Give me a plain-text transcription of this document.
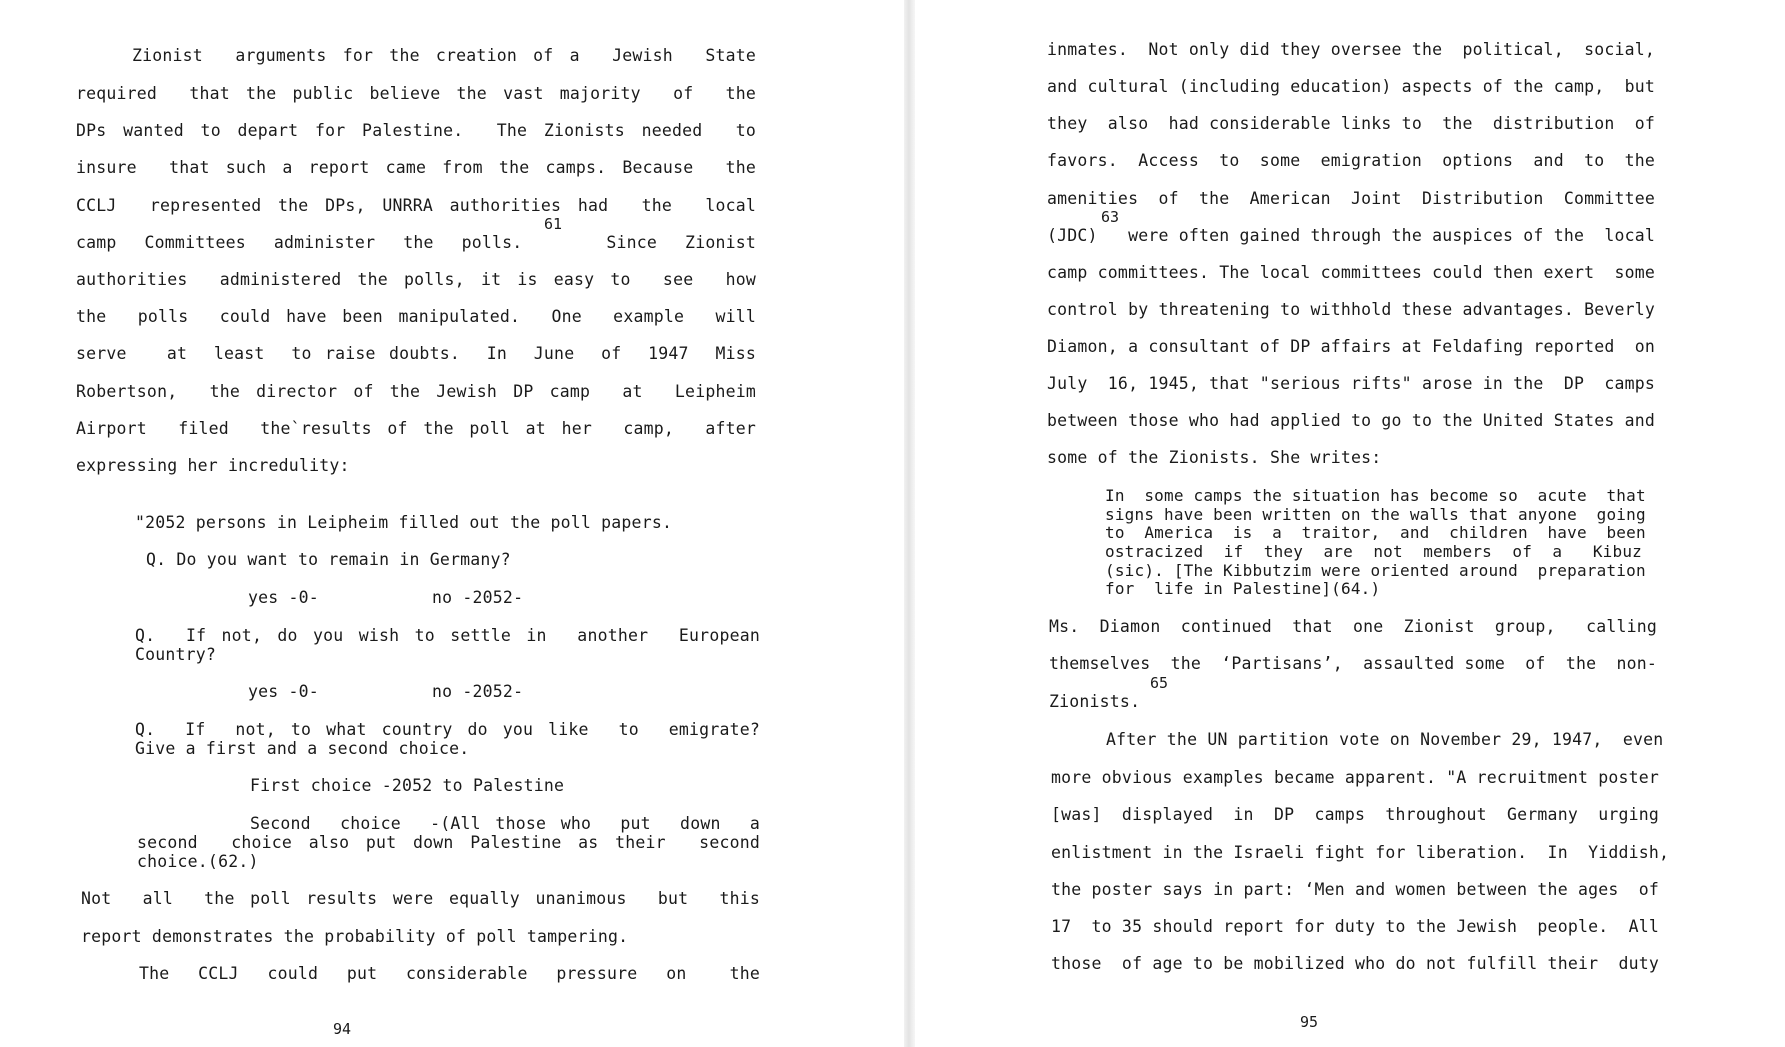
Zionist  arguments for the creation of a  Jewish  State
required  that the public believe the vast majority  of  the
DPs wanted to depart for Palestine.  The Zionists needed  to
insure  that such a report came from the camps. Because  the
CCLJ  represented the DPs, UNRRA authorities had  the  local
61
camp  Committees  administer  the  polls.      Since  Zionist
authorities  administered the polls, it is easy to  see  how
the  polls  could have been manipulated.  One  example  will
serve   at  least  to raise doubts.  In  June  of  1947  Miss
Robertson,  the director of the Jewish DP camp  at  Leipheim
Airport  filed  the`results of the poll at her  camp,  after
expressing her incredulity:
"2052 persons in Leipheim filled out the poll papers.
Q. Do you want to remain in Germany?
yes -0-	no -2052-
Q.  If not, do you wish to settle in  another  European
Country?
yes -0-	no -2052-
Q.  If  not, to what country do you like  to  emigrate?
Give a first and a second choice.
First choice -2052 to Palestine
Second  choice  -(All those who  put  down  a
second  choice also put down Palestine as their  second
choice.(62.)
Not  all  the poll results were equally unanimous  but  this
report demonstrates the probability of poll tampering.
The  CCLJ  could  put  considerable  pressure  on   the
94
inmates.  Not only did they oversee the  political,  social,
and cultural (including education) aspects of the camp,  but
they  also  had considerable links to  the  distribution  of
favors.  Access  to  some  emigration  options  and  to  the
amenities  of  the  American  Joint  Distribution  Committee
63
(JDC)   were often gained through the auspices of the  local
camp committees. The local committees could then exert  some
control by threatening to withhold these advantages. Beverly
Diamon, a consultant of DP affairs at Feldafing reported  on
July  16, 1945, that "serious rifts" arose in the  DP  camps
between those who had applied to go to the United States and
some of the Zionists. She writes:
In  some camps the situation has become so  acute  that
signs have been written on the walls that anyone  going
to  America  is  a  traitor,  and  children  have  been
ostracized  if  they  are  not  members  of  a   Kibuz
(sic). [The Kibbutzim were oriented around  preparation
for  life in Palestine](64.)
Ms.  Diamon  continued  that  one  Zionist  group,   calling
themselves  the  ‘Partisans’,  assaulted some  of  the  non-
65
Zionists.
After the UN partition vote on November 29, 1947,  even
more obvious examples became apparent. "A recruitment poster
[was]  displayed  in  DP  camps  throughout  Germany  urging
enlistment in the Israeli fight for liberation.  In  Yiddish,
the poster says in part: ‘Men and women between the ages  of
17  to 35 should report for duty to the Jewish  people.  All
those  of age to be mobilized who do not fulfill their  duty
95
